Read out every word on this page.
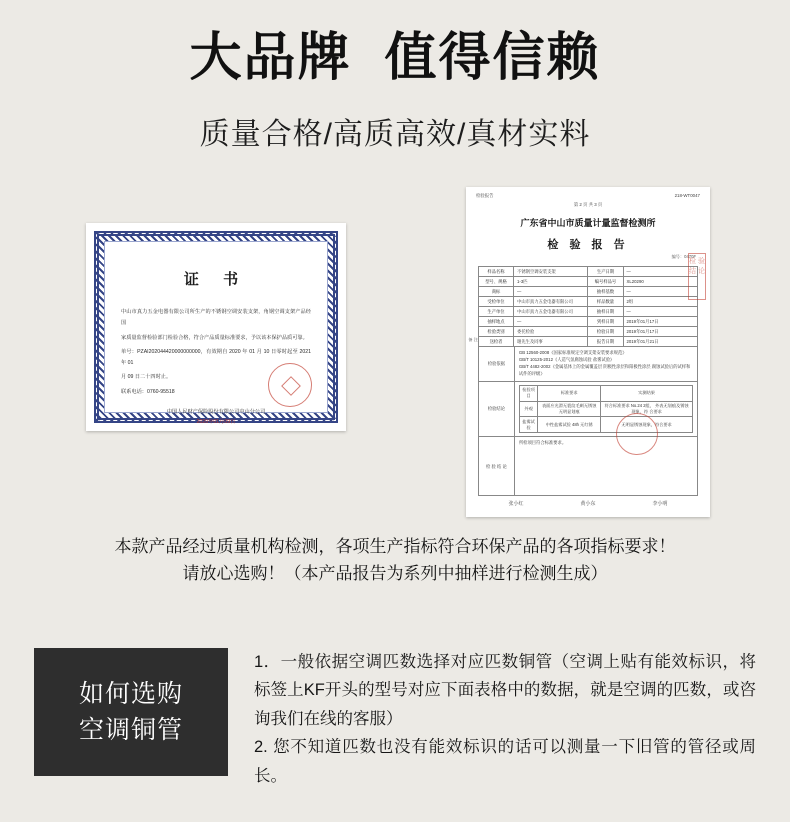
大品牌  值得信赖
质量合格/高质高效/真材实料
证 书

中山市真力五金电器有限公司所生产的不锈钢空调安装支架，角钢空调支架产品经国

家质量监督检验部门检验合格，符合产品质量标准要求，予以该本保护品质可靠。

单号：PZAI202044420000000000，有效期自 2020 年 01 月 10 日零时起至 2021 年 01

月 09 日二十四时止。

联系电话：0760-95518

中国人民财产保险股份有限公司中山分公司
2020年01月09日
检验报告	218-WT0047
第 2 页 共 3 页
广东省中山市质量计量监督检测所
检 验 报 告
编号：0470F
样品名称	不锈钢空调安装支架	生产日期	—
型号、规格	1-3匹	编号样品号	XL20290
商标	—	抽样基数	—
受检单位	中山市真力五金电器有限公司	样品数量	2组
生产单位	中山市真力五金电器有限公司	抽样日期	—
抽样地点	—	到样日期	2019年01月17日
检验类别	委托检验	检验日期	2019年01月17日
送检者	谢先生及同事	报告日期	2019年01月21日
检验依据
GB 12560-2008《国家标准规定空调支架安装要求规范》
GB/T 10125-2012《人造气氛腐蚀试验 盐雾试验》
GB/T 4482-2002《金属基体上的金属覆盖层 阴极性涂层和阳极性涂层 腐蚀试验后的试样和试件的评级》
检验结论
检验项目	标准要求	实测结果
外观	表面应光滑无裂纹毛刺无锈蚀 无明显划痕	符合标准要求 No.24 2组， 外表无划痕及锈蚀现象，符 合要求
盐雾试验	中性盐雾试验 48h 无红锈	无明显锈蚀现象，符合要求
检 验 结 论
所检项目符合标准要求。
备 注
检 验 结 论
张小红	黄小东	李小明
本款产品经过质量机构检测，各项生产指标符合环保产品的各项指标要求！
请放心选购！（本产品报告为系列中抽样进行检测生成）
如何选购
空调铜管

1．一般依据空调匹数选择对应匹数铜管（空调上贴有能效标识，将标签上KF开头的型号对应下面表格中的数据，就是空调的匹数，或咨询我们在线的客服）

2. 您不知道匹数也没有能效标识的话可以测量一下旧管的管径或周长。
